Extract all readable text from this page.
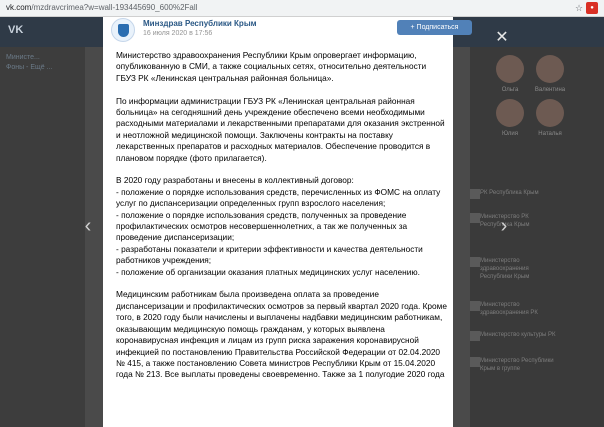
vk.com/mzdravcrimea?w=wall-193445690_600%2Fall	☆	●
VK
Министе...
Фоны - Ещё ...
Ольга	Валентина
Юлия	Наталья
РК Республика Крым
Министерство РК Республика Крым
Министерство здравоохранения Республики Крым
Министерство здравоохранения РК
Министерство культуры РК
Министерство Республики Крым в группе
Минздрав Республики Крым
16 июля 2020 в 17:56
+ Подписаться

Министерство здравоохранения Республики Крым опровергает информацию, опубликованную в СМИ, а также социальных сетях, относительно деятельности ГБУЗ РК «Ленинская центральная районная больница».

По информации администрации ГБУЗ РК «Ленинская центральная районная больница» на сегодняшний день учреждение обеспечено всеми необходимыми расходными материалами и лекарственными препаратами для оказания экстренной и неотложной медицинской помощи. Заключены контракты на поставку лекарственных препаратов и расходных материалов. Обеспечение проводится в плановом порядке (фото прилагается).

В 2020 году разработаны и внесены в коллективный договор:
- положение о порядке использования средств, перечисленных из ФОМС на оплату услуг по диспансеризации определенных групп взрослого населения;
- положение о порядке использования средств, полученных за проведение профилактических осмотров несовершеннолетних, а так же полученных за проведение диспансеризации;
- разработаны показатели и критерии эффективности и качества деятельности работников учреждения;
- положение об организации оказания платных медицинских услуг населению.

Медицинским работникам была произведена оплата за проведение диспансеризации и профилактических осмотров за первый квартал 2020 года. Кроме того, в 2020 году были начислены и выплачены надбавки медицинским работникам, оказывающим медицинскую помощь гражданам, у которых выявлена коронавирусная инфекция и лицам из групп риска заражения коронавирусной инфекцией по постановлению Правительства Российской Федерации от 02.04.2020 № 415, а также постановлению Совета министров Республики Крым от 15.04.2020 года № 213. Все выплаты проведены своевременно. Также за 1 полугодие 2020 года

‹	›
✕
